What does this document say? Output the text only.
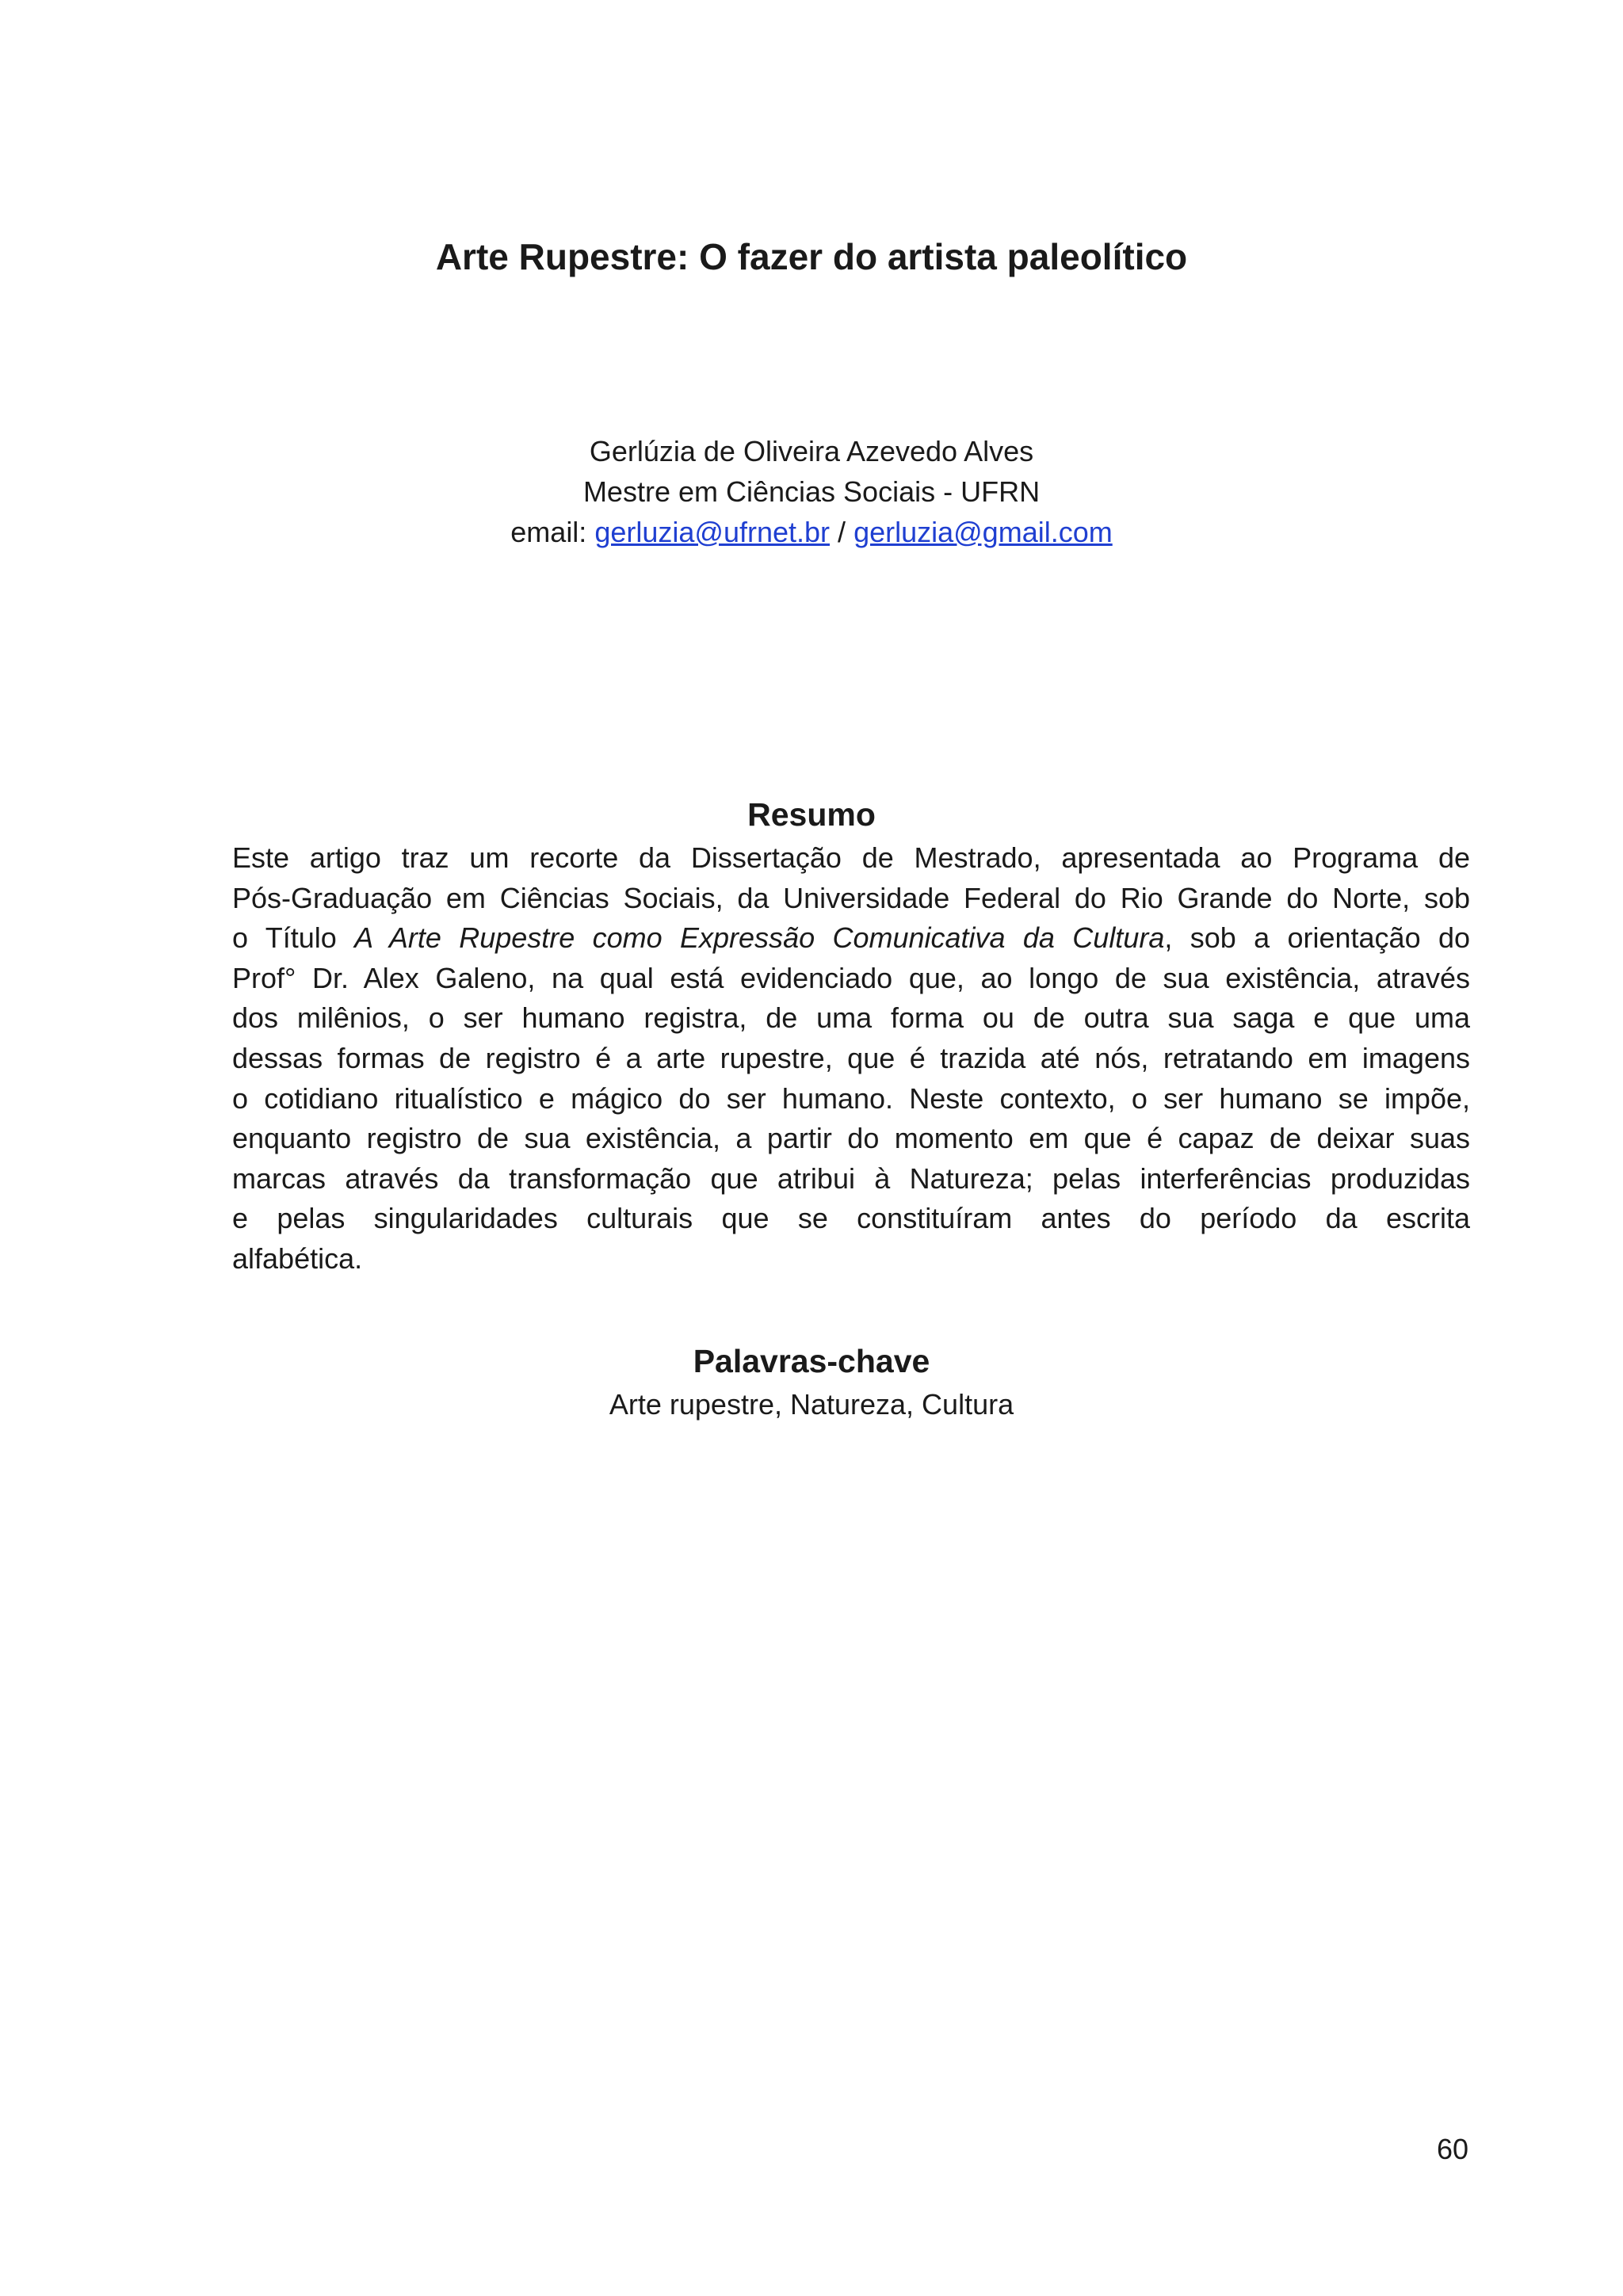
Arte Rupestre: O fazer do artista paleolítico
Gerlúzia de Oliveira Azevedo Alves
Mestre em Ciências Sociais - UFRN
email: gerluzia@ufrnet.br / gerluzia@gmail.com
Resumo
Este artigo traz um recorte da Dissertação de Mestrado, apresentada ao Programa de
Pós-Graduação em Ciências Sociais, da Universidade Federal do Rio Grande do Norte, sob
o Título A Arte Rupestre como Expressão Comunicativa da Cultura, sob a orientação do
Prof° Dr. Alex Galeno, na qual está evidenciado que, ao longo de sua existência, através
dos milênios, o ser humano registra, de uma forma ou de outra sua saga e que uma
dessas formas de registro é a arte rupestre, que é trazida até nós, retratando em imagens
o cotidiano ritualístico e mágico do ser humano. Neste contexto, o ser humano se impõe,
enquanto registro de sua existência, a partir do momento em que é capaz de deixar suas
marcas através da transformação que atribui à Natureza; pelas interferências produzidas
e pelas singularidades culturais que se constituíram antes do período da escrita
alfabética.
Palavras-chave
Arte rupestre, Natureza, Cultura
60
